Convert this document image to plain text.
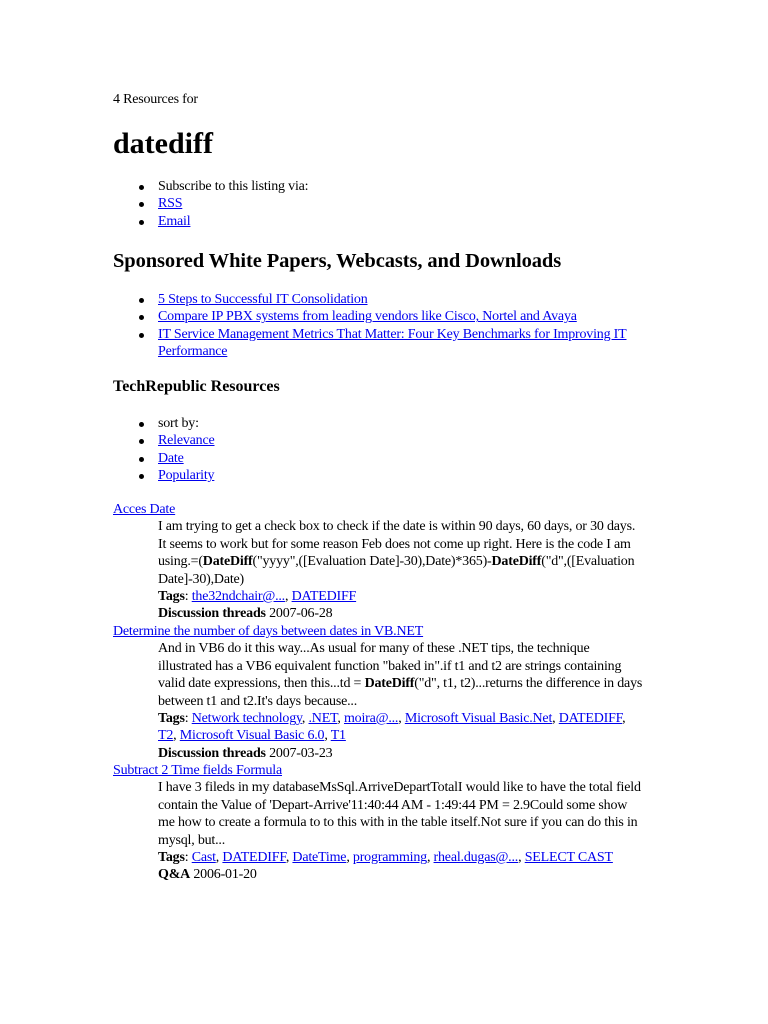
4 Resources for
datediff
Subscribe to this listing via:
RSS
Email
Sponsored White Papers, Webcasts, and Downloads
5 Steps to Successful IT Consolidation
Compare IP PBX systems from leading vendors like Cisco, Nortel and Avaya
IT Service Management Metrics That Matter: Four Key Benchmarks for Improving IT Performance
TechRepublic Resources
sort by:
Relevance
Date
Popularity
Acces Date
I am trying to get a check box to check if the date is within 90 days, 60 days, or 30 days. It seems to work but for some reason Feb does not come up right. Here is the code I am using.=(DateDiff("yyyy",([Evaluation Date]-30),Date)*365)-DateDiff("d",([Evaluation Date]-30),Date)
Tags: the32ndchair@..., DATEDIFF
Discussion threads 2007-06-28
Determine the number of days between dates in VB.NET
And in VB6 do it this way...As usual for many of these .NET tips, the technique illustrated has a VB6 equivalent function "baked in".if t1 and t2 are strings containing valid date expressions, then this...td = DateDiff("d", t1, t2)...returns the difference in days between t1 and t2.It's days because...
Tags: Network technology, .NET, moira@..., Microsoft Visual Basic.Net, DATEDIFF, T2, Microsoft Visual Basic 6.0, T1
Discussion threads 2007-03-23
Subtract 2 Time fields Formula
I have 3 fileds in my databaseMsSql.ArriveDepartTotalI would like to have the total field contain the Value of 'Depart-Arrive'11:40:44 AM - 1:49:44 PM = 2.9Could some show me how to create a formula to to this with in the table itself.Not sure if you can do this in mysql, but...
Tags: Cast, DATEDIFF, DateTime, programming, rheal.dugas@..., SELECT CAST
Q&A 2006-01-20
